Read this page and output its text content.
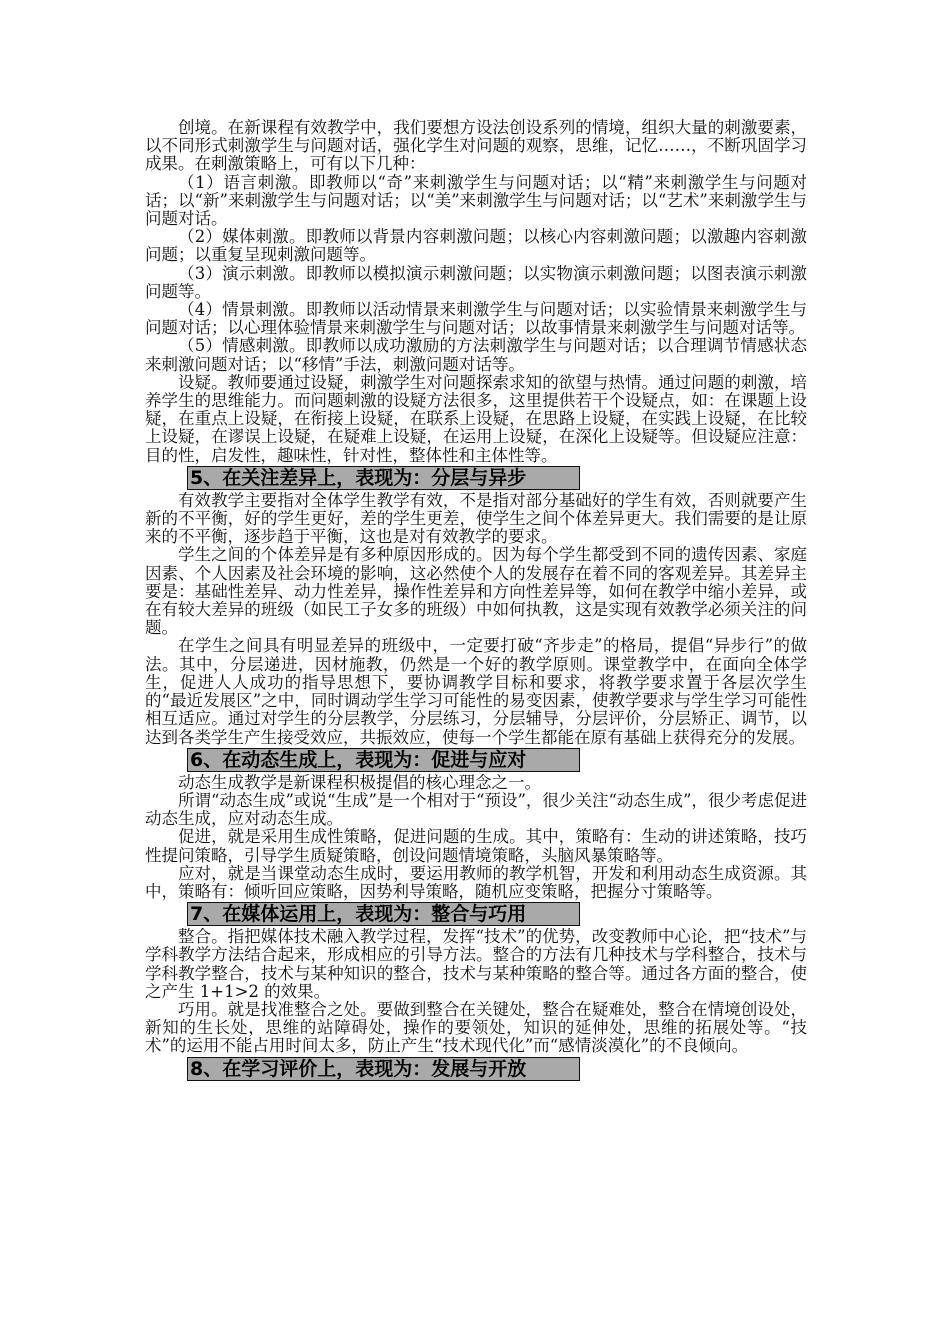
创境。在新课程有效教学中，我们要想方设法创设系列的情境，组织大量的刺激要素，以不同形式刺激学生与问题对话，强化学生对问题的观察，思维，记忆……，不断巩固学习成果。在刺激策略上，可有以下几种：

（1）语言刺激。即教师以“奇”来刺激学生与问题对话；以“精”来刺激学生与问题对话；以“新”来刺激学生与问题对话；以“美”来刺激学生与问题对话；以“艺术”来刺激学生与问题对话。

（2）媒体刺激。即教师以背景内容刺激问题；以核心内容刺激问题；以激趣内容刺激问题；以重复呈现刺激问题等。

（3）演示刺激。即教师以模拟演示刺激问题；以实物演示刺激问题；以图表演示刺激问题等。

（4）情景刺激。即教师以活动情景来刺激学生与问题对话；以实验情景来刺激学生与问题对话；以心理体验情景来刺激学生与问题对话；以故事情景来刺激学生与问题对话等。

（5）情感刺激。即教师以成功激励的方法刺激学生与问题对话；以合理调节情感状态来刺激问题对话；以“移情”手法，刺激问题对话等。

设疑。教师要通过设疑，刺激学生对问题探索求知的欲望与热情。通过问题的刺激，培养学生的思维能力。而问题刺激的设疑方法很多，这里提供若干个设疑点，如：在课题上设疑，在重点上设疑，在衔接上设疑，在联系上设疑，在思路上设疑，在实践上设疑，在比较上设疑，在谬误上设疑，在疑难上设疑，在运用上设疑，在深化上设疑等。但设疑应注意：目的性，启发性，趣味性，针对性，整体性和主体性等。

5、在关注差异上，表现为：分层与异步

有效教学主要指对全体学生教学有效，不是指对部分基础好的学生有效，否则就要产生新的不平衡，好的学生更好，差的学生更差，使学生之间个体差异更大。我们需要的是让原来的不平衡，逐步趋于平衡，这也是对有效教学的要求。

学生之间的个体差异是有多种原因形成的。因为每个学生都受到不同的遗传因素、家庭因素、个人因素及社会环境的影响，这必然使个人的发展存在着不同的客观差异。其差异主要是：基础性差异、动力性差异，操作性差异和方向性差异等，如何在教学中缩小差异，或在有较大差异的班级（如民工子女多的班级）中如何执教，这是实现有效教学必须关注的问题。

在学生之间具有明显差异的班级中，一定要打破“齐步走”的格局，提倡“异步行”的做法。其中，分层递进，因材施教，仍然是一个好的教学原则。课堂教学中，在面向全体学生，促进人人成功的指导思想下，要协调教学目标和要求，将教学要求置于各层次学生的“最近发展区”之中，同时调动学生学习可能性的易变因素，使教学要求与学生学习可能性相互适应。通过对学生的分层教学，分层练习，分层辅导，分层评价，分层矫正、调节，以达到各类学生产生接受效应，共振效应，使每一个学生都能在原有基础上获得充分的发展。

6、在动态生成上，表现为：促进与应对

动态生成教学是新课程积极提倡的核心理念之一。

所谓“动态生成”或说“生成”是一个相对于“预设”，很少关注“动态生成”，很少考虑促进动态生成，应对动态生成。

促进，就是采用生成性策略，促进问题的生成。其中，策略有：生动的讲述策略，技巧性提问策略，引导学生质疑策略，创设问题情境策略，头脑风暴策略等。

应对，就是当课堂动态生成时，要运用教师的教学机智，开发和利用动态生成资源。其中，策略有：倾听回应策略，因势利导策略，随机应变策略，把握分寸策略等。

7、在媒体运用上，表现为：整合与巧用

整合。指把媒体技术融入教学过程，发挥“技术”的优势，改变教师中心论，把“技术”与学科教学方法结合起来，形成相应的引导方法。整合的方法有几种技术与学科整合，技术与学科教学整合，技术与某种知识的整合，技术与某种策略的整合等。通过各方面的整合，使之产生 1+1>2 的效果。

巧用。就是找准整合之处。要做到整合在关键处，整合在疑难处，整合在情境创设处，新知的生长处，思维的站障碍处，操作的要领处，知识的延伸处，思维的拓展处等。“技术”的运用不能占用时间太多，防止产生“技术现代化”而“感情淡漠化”的不良倾向。

8、在学习评价上，表现为：发展与开放
